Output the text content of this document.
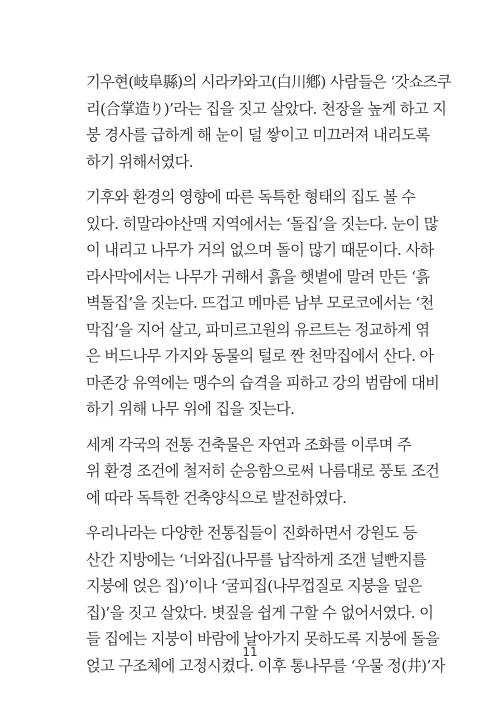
기우현(岐阜縣)의 시라카와고(白川鄕) 사람들은 ‘갓쇼즈쿠
리(合掌造り)’라는 집을 짓고 살았다. 천장을 높게 하고 지
붕 경사를 급하게 해 눈이 덜 쌓이고 미끄러져 내리도록
하기 위해서였다.
기후와 환경의 영향에 따른 독특한 형태의 집도 볼 수
있다. 히말라야산맥 지역에서는 ‘돌집’을 짓는다. 눈이 많
이 내리고 나무가 거의 없으며 돌이 많기 때문이다. 사하
라사막에서는 나무가 귀해서 흙을 햇볕에 말려 만든 ‘흙
벽돌집’을 짓는다. 뜨겁고 메마른 남부 모로코에서는 ‘천
막집’을 지어 살고, 파미르고원의 유르트는 정교하게 엮
은 버드나무 가지와 동물의 털로 짠 천막집에서 산다. 아
마존강 유역에는 맹수의 습격을 피하고 강의 범람에 대비
하기 위해 나무 위에 집을 짓는다.
세계 각국의 전통 건축물은 자연과 조화를 이루며 주
위 환경 조건에 철저히 순응함으로써 나름대로 풍토 조건
에 따라 독특한 건축양식으로 발전하였다.
우리나라는 다양한 전통집들이 진화하면서 강원도 등
산간 지방에는 ‘너와집(나무를 납작하게 조갠 널빤지를
지붕에 얹은 집)’이나 ‘굴피집(나무껍질로 지붕을 덮은
집)’을 짓고 살았다. 볏짚을 쉽게 구할 수 없어서였다. 이
들 집에는 지붕이 바람에 날아가지 못하도록 지붕에 돌을
얹고 구조체에 고정시켰다. 이후 통나무를 ‘우물 정(井)’자
11
